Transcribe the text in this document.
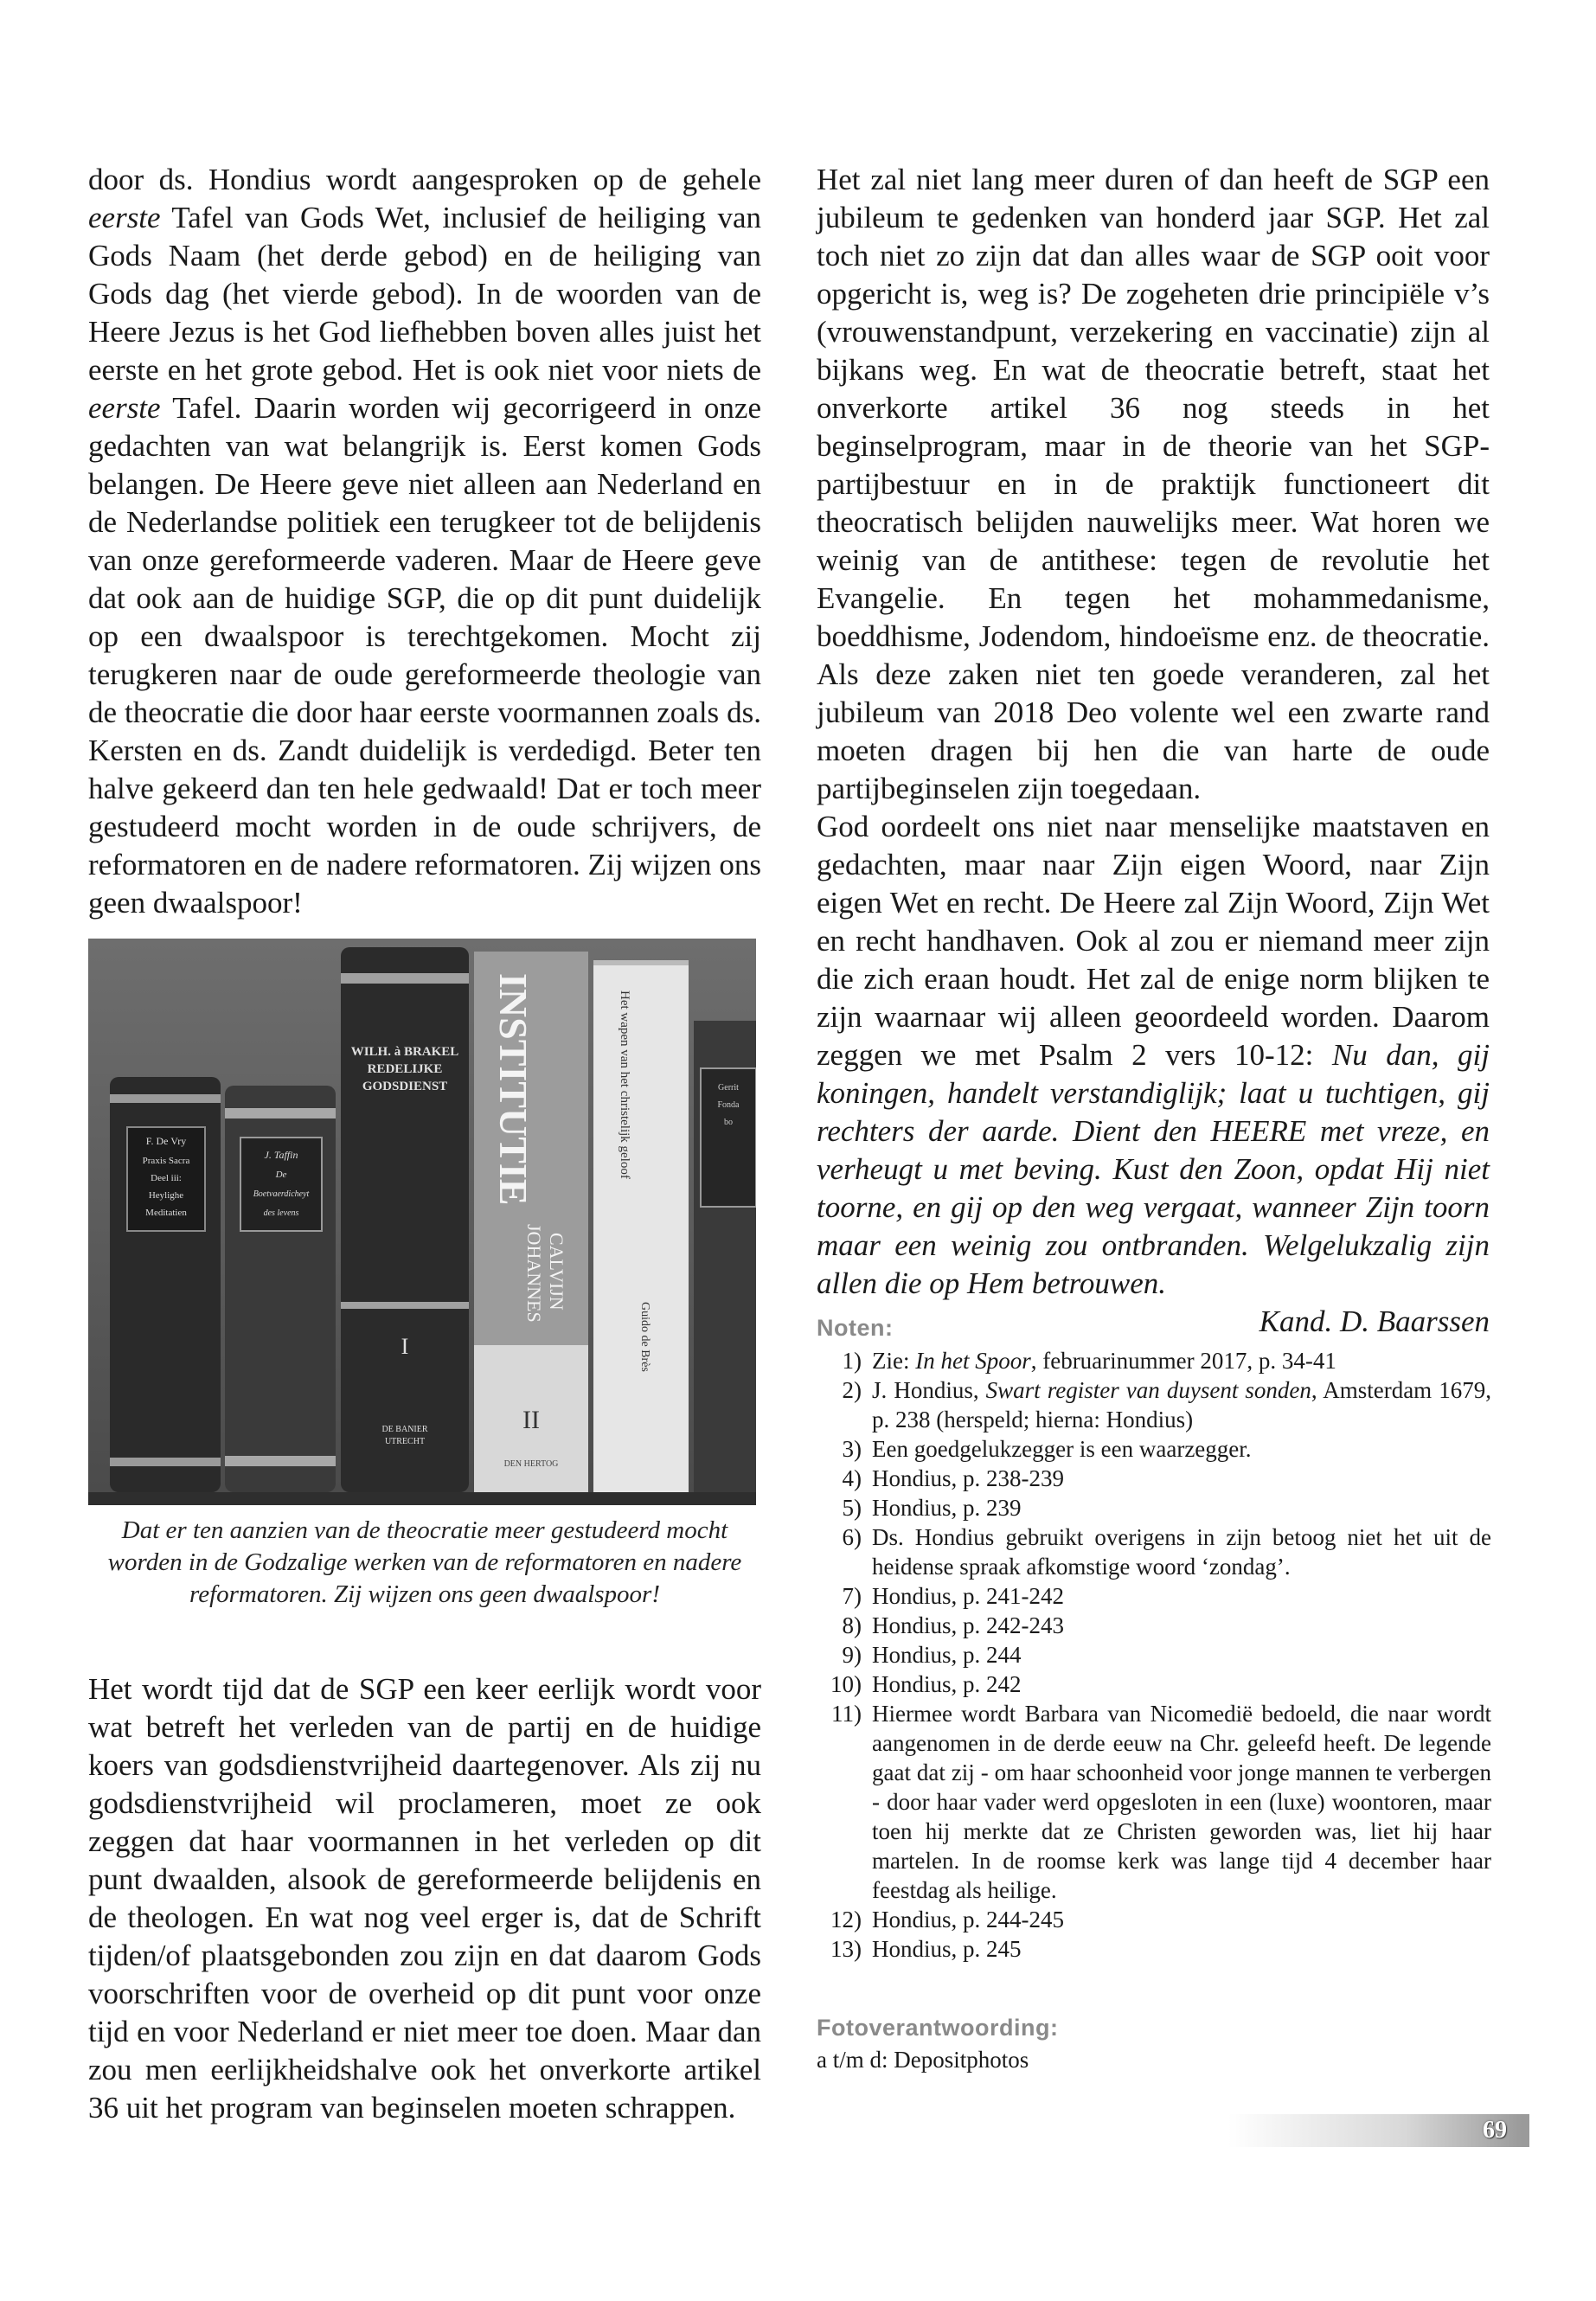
door ds. Hondius wordt aangesproken op de gehele eerste Tafel van Gods Wet, inclusief de heiliging van Gods Naam (het derde gebod) en de heiliging van Gods dag (het vierde gebod). In de woorden van de Heere Jezus is het God liefhebben boven alles juist het eerste en het grote gebod. Het is ook niet voor niets de eerste Tafel. Daarin worden wij gecorrigeerd in onze gedachten van wat belangrijk is. Eerst komen Gods belangen. De Heere geve niet alleen aan Nederland en de Nederlandse politiek een terugkeer tot de belijdenis van onze gereformeerde vaderen. Maar de Heere geve dat ook aan de huidige SGP, die op dit punt duidelijk op een dwaalspoor is terechtgekomen. Mocht zij terugkeren naar de oude gereformeerde theologie van de theocratie die door haar eerste voormannen zoals ds. Kersten en ds. Zandt duidelijk is verdedigd. Beter ten halve gekeerd dan ten hele gedwaald! Dat er toch meer gestudeerd mocht worden in de oude schrijvers, de reformatoren en de nadere reformatoren. Zij wijzen ons geen dwaalspoor!

F. De Vry
Praxis Sacra
Deel iii:
Heylighe
Meditatien
J. Taffin
De
Boetvaerdicheyt
des levens
WILH. à BRAKEL
REDELIJKE
GODSDIENST
I
DE BANIER
UTRECHT
INSTITUTIE
JOHANNES CALVIJN
II
DEN HERTOG
Het wapen van het christelijk geloof
Guido de Brès
Gerrit
Fonda
bo
Dat er ten aanzien van de theocratie meer gestudeerd mocht worden in de Godzalige werken van de reformatoren en nadere reformatoren. Zij wijzen ons geen dwaalspoor!

Het wordt tijd dat de SGP een keer eerlijk wordt voor wat betreft het verleden van de partij en de huidige koers van godsdienstvrijheid daartegenover. Als zij nu godsdienstvrijheid wil proclameren, moet ze ook zeggen dat haar voormannen in het verleden op dit punt dwaalden, alsook de gereformeerde belijdenis en de theologen. En wat nog veel erger is, dat de Schrift tijden/of plaatsgebonden zou zijn en dat daarom Gods voorschriften voor de overheid op dit punt voor onze tijd en voor Nederland er niet meer toe doen. Maar dan zou men eerlijkheidshalve ook het onverkorte artikel 36 uit het program van beginselen moeten schrappen.

Het zal niet lang meer duren of dan heeft de SGP een jubileum te gedenken van honderd jaar SGP. Het zal toch niet zo zijn dat dan alles waar de SGP ooit voor opgericht is, weg is? De zogeheten drie principiële v’s (vrouwenstandpunt, verzekering en vaccinatie) zijn al bijkans weg. En wat de theocratie betreft, staat het onverkorte artikel 36 nog steeds in het beginselprogram, maar in de theorie van het SGP-partijbestuur en in de praktijk functioneert dit theocratisch belijden nauwelijks meer. Wat horen we weinig van de antithese: tegen de revolutie het Evangelie. En tegen het mohammedanisme, boeddhisme, Jodendom, hindoeïsme enz. de theocratie. Als deze zaken niet ten goede veranderen, zal het jubileum van 2018 Deo volente wel een zwarte rand moeten dragen bij hen die van harte de oude partijbeginselen zijn toegedaan.

God oordeelt ons niet naar menselijke maatstaven en gedachten, maar naar Zijn eigen Woord, naar Zijn eigen Wet en recht. De Heere zal Zijn Woord, Zijn Wet en recht handhaven. Ook al zou er niemand meer zijn die zich eraan houdt. Het zal de enige norm blijken te zijn waarnaar wij alleen geoordeeld worden. Daarom zeggen we met Psalm 2 vers 10-12: Nu dan, gij koningen, handelt verstandiglijk; laat u tuchtigen, gij rechters der aarde. Dient den HEERE met vreze, en verheugt u met beving. Kust den Zoon, opdat Hij niet toorne, en gij op den weg vergaat, wanneer Zijn toorn maar een weinig zou ontbranden. Welgelukzalig zijn allen die op Hem betrouwen.

Kand. D. Baarssen

Noten:
1) Zie: In het Spoor, februarinummer 2017, p. 34-41
2) J. Hondius, Swart register van duysent sonden, Amsterdam 1679, p. 238 (herspeld; hierna: Hondius)
3) Een goedgelukzegger is een waarzegger.
4) Hondius, p. 238-239
5) Hondius, p. 239
6) Ds. Hondius gebruikt overigens in zijn betoog niet het uit de heidense spraak afkomstige woord ‘zondag’.
7) Hondius, p. 241-242
8) Hondius, p. 242-243
9) Hondius, p. 244
10) Hondius, p. 242
11) Hiermee wordt Barbara van Nicomedië bedoeld, die naar wordt aangenomen in de derde eeuw na Chr. geleefd heeft. De legende gaat dat zij - om haar schoonheid voor jonge mannen te verbergen - door haar vader werd opgesloten in een (luxe) woontoren, maar toen hij merkte dat ze Christen geworden was, liet hij haar martelen. In de roomse kerk was lange tijd 4 december haar feestdag als heilige.
12) Hondius, p. 244-245
13) Hondius, p. 245
Fotoverantwoording:
a t/m d: Depositphotos
69
